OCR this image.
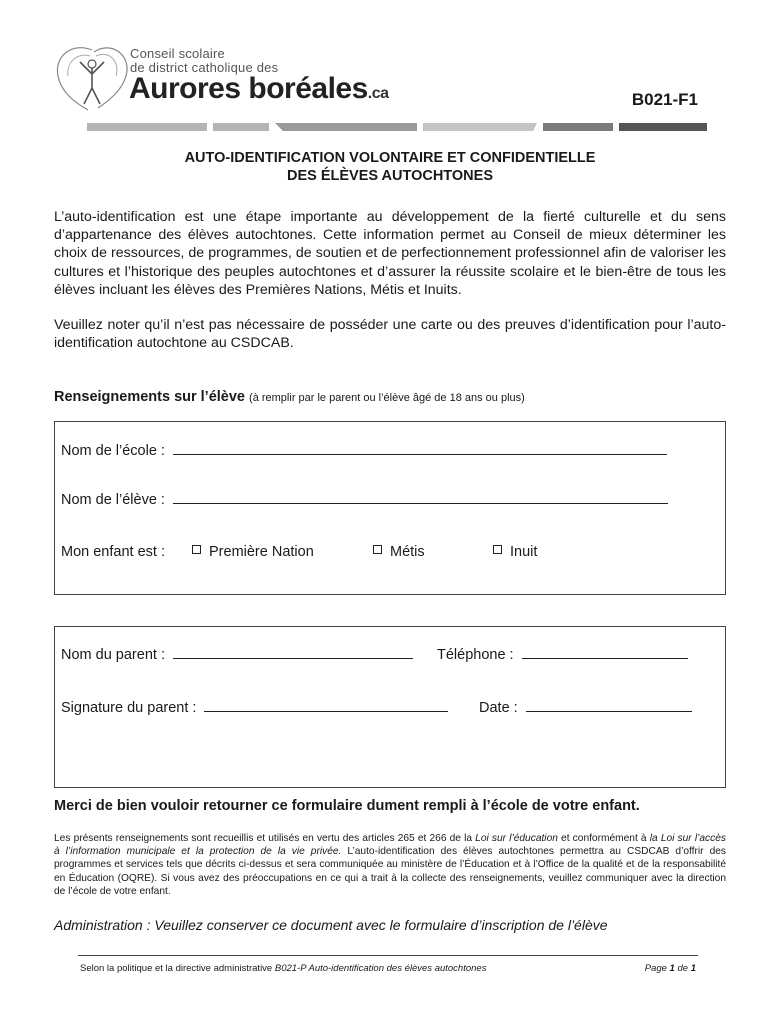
Conseil scolaire
de district catholique des
Aurores boréales.ca	B021-F1
AUTO-IDENTIFICATION VOLONTAIRE ET CONFIDENTIELLE
DES ÉLÈVES AUTOCHTONES
L’auto-identification est une étape importante au développement de la fierté culturelle et du sens d’appartenance des élèves autochtones. Cette information permet au Conseil de mieux déterminer les choix de ressources, de programmes, de soutien et de perfectionnement professionnel afin de valoriser les cultures et l’historique des peuples autochtones et d’assurer la réussite scolaire et le bien-être de tous les élèves incluant les élèves des Premières Nations, Métis et Inuits.
Veuillez noter qu’il n’est pas nécessaire de posséder une carte ou des preuves d’identification pour l’auto-identification autochtone au CSDCAB.
Renseignements sur l’élève (à remplir par le parent ou l’élève âgé de 18 ans ou plus)
Nom de l’école :
Nom de l’élève :
Mon enfant est :	Première Nation	Métis	Inuit
Nom du parent :	Téléphone :
Signature du parent :	Date :
Merci de bien vouloir retourner ce formulaire dument rempli à l’école de votre enfant.
Les présents renseignements sont recueillis et utilisés en vertu des articles 265 et 266 de la Loi sur l’éducation et conformément à la Loi sur l’accès à l’information municipale et la protection de la vie privée. L’auto-identification des élèves autochtones permettra au CSDCAB d’offrir des programmes et services tels que décrits ci-dessus et sera communiquée au ministère de l’Éducation et à l’Office de la qualité et de la responsabilité en Éducation (OQRE). Si vous avez des préoccupations en ce qui a trait à la collecte des renseignements, veuillez communiquer avec la direction de l’école de votre enfant.
Administration : Veuillez conserver ce document avec le formulaire d’inscription de l’élève
Selon la politique et la directive administrative B021-P Auto-identification des élèves autochtones	Page 1 de 1
